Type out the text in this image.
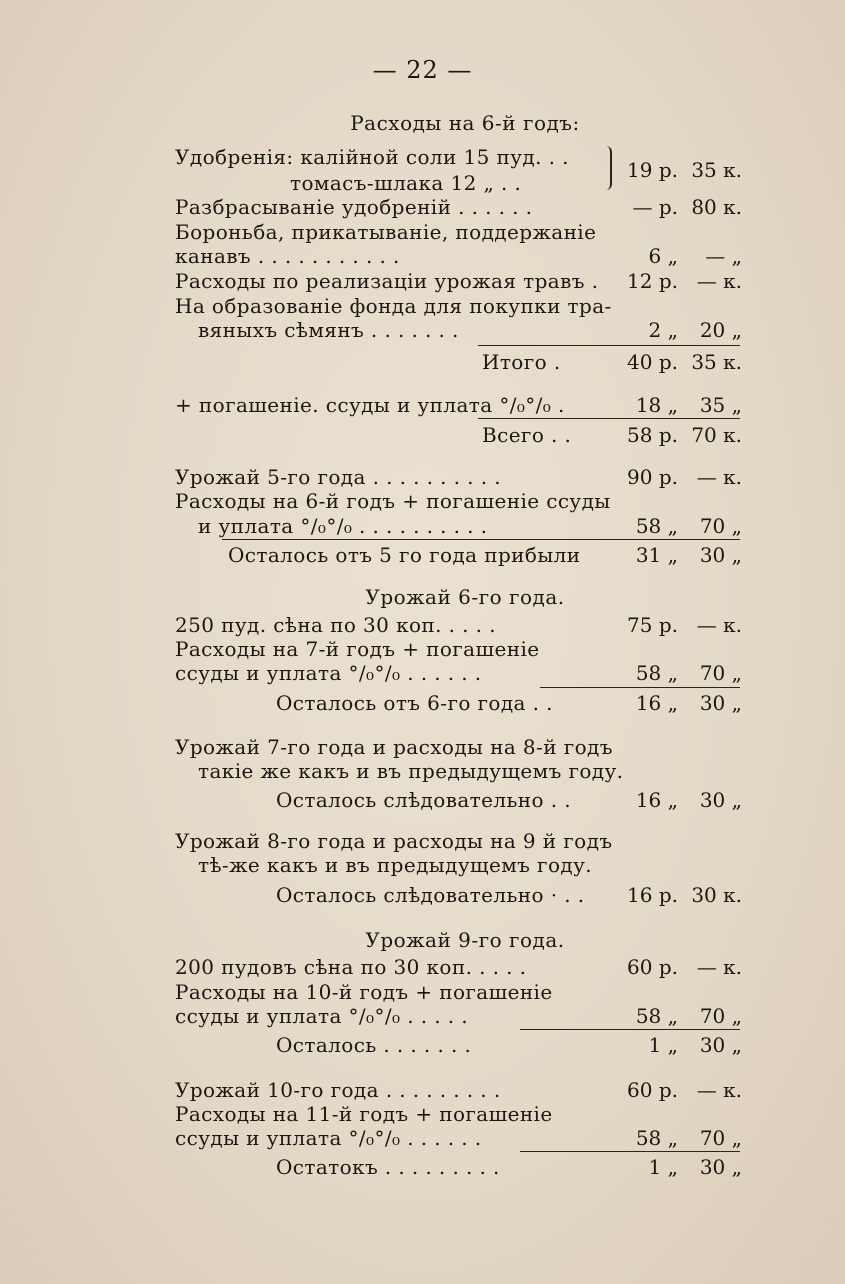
— 22 —
Расходы на 6-й годъ:
Удобренія: калійной соли 15 пуд. . .
томасъ-шлака 12 „ . .
19 р. 35 к.
Разбрасываніе удобреній . . . . . .	— р. 80 к.
Бороньба, прикатываніе, поддержаніе
канавъ . . . . . . . . . . .	6 „	— „
Расходы по реализаціи урожая травъ .	12 р. — к.
На образованіе фонда для покупки тра-
вяныхъ сѣмянъ . . . . . . .	2 „	20 „
Итого .	40 р. 35 к.
+ погашеніе. ссуды и уплата °/₀°/₀ .	18 „	35 „
Всего . .	58 р. 70 к.
Урожай 5-го года . . . . . . . . . .	90 р. — к.
Расходы на 6-й годъ + погашеніе ссуды
и уплата °/₀°/₀ . . . . . . . . . .	58 „	70 „
Осталось отъ 5 го года прибыли	31 „	30 „
Урожай 6-го года.
250 пуд. сѣна по 30 коп. . . . .	75 р. — к.
Расходы на 7-й годъ + погашеніе
ссуды и уплата °/₀°/₀ . . . . . .	58 „	70 „
Осталось отъ 6-го года . .	16 „	30 „
Урожай 7-го года и расходы на 8-й годъ
такіе же какъ и въ предыдущемъ году.
Осталось слѣдовательно . .	16 „	30 „
Урожай 8-го года и расходы на 9 й годъ
тѣ-же какъ и въ предыдущемъ году.
Осталось слѣдовательно · . .	16 р. 30 к.
Урожай 9-го года.
200 пудовъ сѣна по 30 коп. . . . .	60 р. — к.
Расходы на 10-й годъ + погашеніе
ссуды и уплата °/₀°/₀ . . . . .	58 „	70 „
Осталось . . . . . . .	1 „	30 „
Урожай 10-го года . . . . . . . . .	60 р. — к.
Расходы на 11-й годъ + погашеніе
ссуды и уплата °/₀°/₀ . . . . . .	58 „	70 „
Остатокъ . . . . . . . . .	1 „	30 „
